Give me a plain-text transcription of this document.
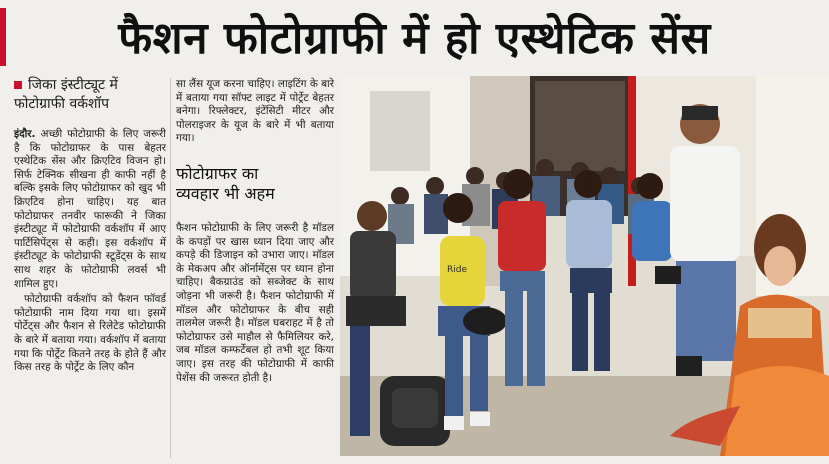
फैशन फोटोग्राफी में हो एस्थेटिक सेंस
जिका इंस्टीट्यूट में
फोटोग्राफी वर्कशॉप

इंदौर. अच्छी फोटोग्राफी के लिए जरूरी है कि फोटोग्राफर के पास बेहतर एस्थेटिक सेंस और क्रिएटिव विजन हो। सिर्फ टेक्निक सीखना ही काफी नहीं है बल्कि इसके लिए फोटोग्राफर को खुद भी क्रिएटिव होना चाहिए। यह बात फोटोग्राफर तनवीर फारूकी ने जिका इंस्टीट्यूट में फोटोग्राफी वर्कशॉप में आए पार्टिसिपेंट्स से कही। इस वर्कशॉप में इंस्टीट्यूट के फोटोग्राफी स्टूडेंट्स के साथ साथ शहर के फोटोग्राफी लवर्स भी शामिल हुए।

फोटोग्राफी वर्कशॉप को फैशन फॉवर्ड फोटोग्राफी नाम दिया गया था। इसमें पोर्टेट्स और फैशन से रिलेटेड फोटोग्राफी के बारे में बताया गया। वर्कशॉप में बताया गया कि पोर्ट्रेट कितने तरह के होते हैं और किस तरह के पोर्ट्रेट के लिए कौन

सा लैंस यूज करना चाहिए। लाइटिंग के बारे में बताया गया सॉफ्ट लाइट में पोर्ट्रेट बेहतर बनेगा। रिफ्लेक्टर, इंटेंसिटी मीटर और पोलराइजर के यूज के बारे में भी बताया गया।

फोटोग्राफर का
व्यवहार भी अहम

फैशन फोटोग्राफी के लिए जरूरी है मॉडल के कपड़ों पर खास ध्यान दिया जाए और कपड़े की डिजाइन को उभारा जाए। मॉडल के मेकअप और ऑर्नामेंट्स पर ध्यान होना चाहिए। बैकग्राउंड को सब्जेक्ट के साथ जोड़ना भी जरूरी है। फैशन फोटोग्राफी में मॉडल और फोटोग्राफर के बीच सही तालमेल जरूरी है। मॉडल घबराहट में है तो फोटोग्राफर उसे माहौल से फैमिलियर करे, जब मॉडल कम्फर्टेबल हो तभी शूट किया जाए। इस तरह की फोटोग्राफी में काफी पेशेंस की जरूरत होती है।

Ride
